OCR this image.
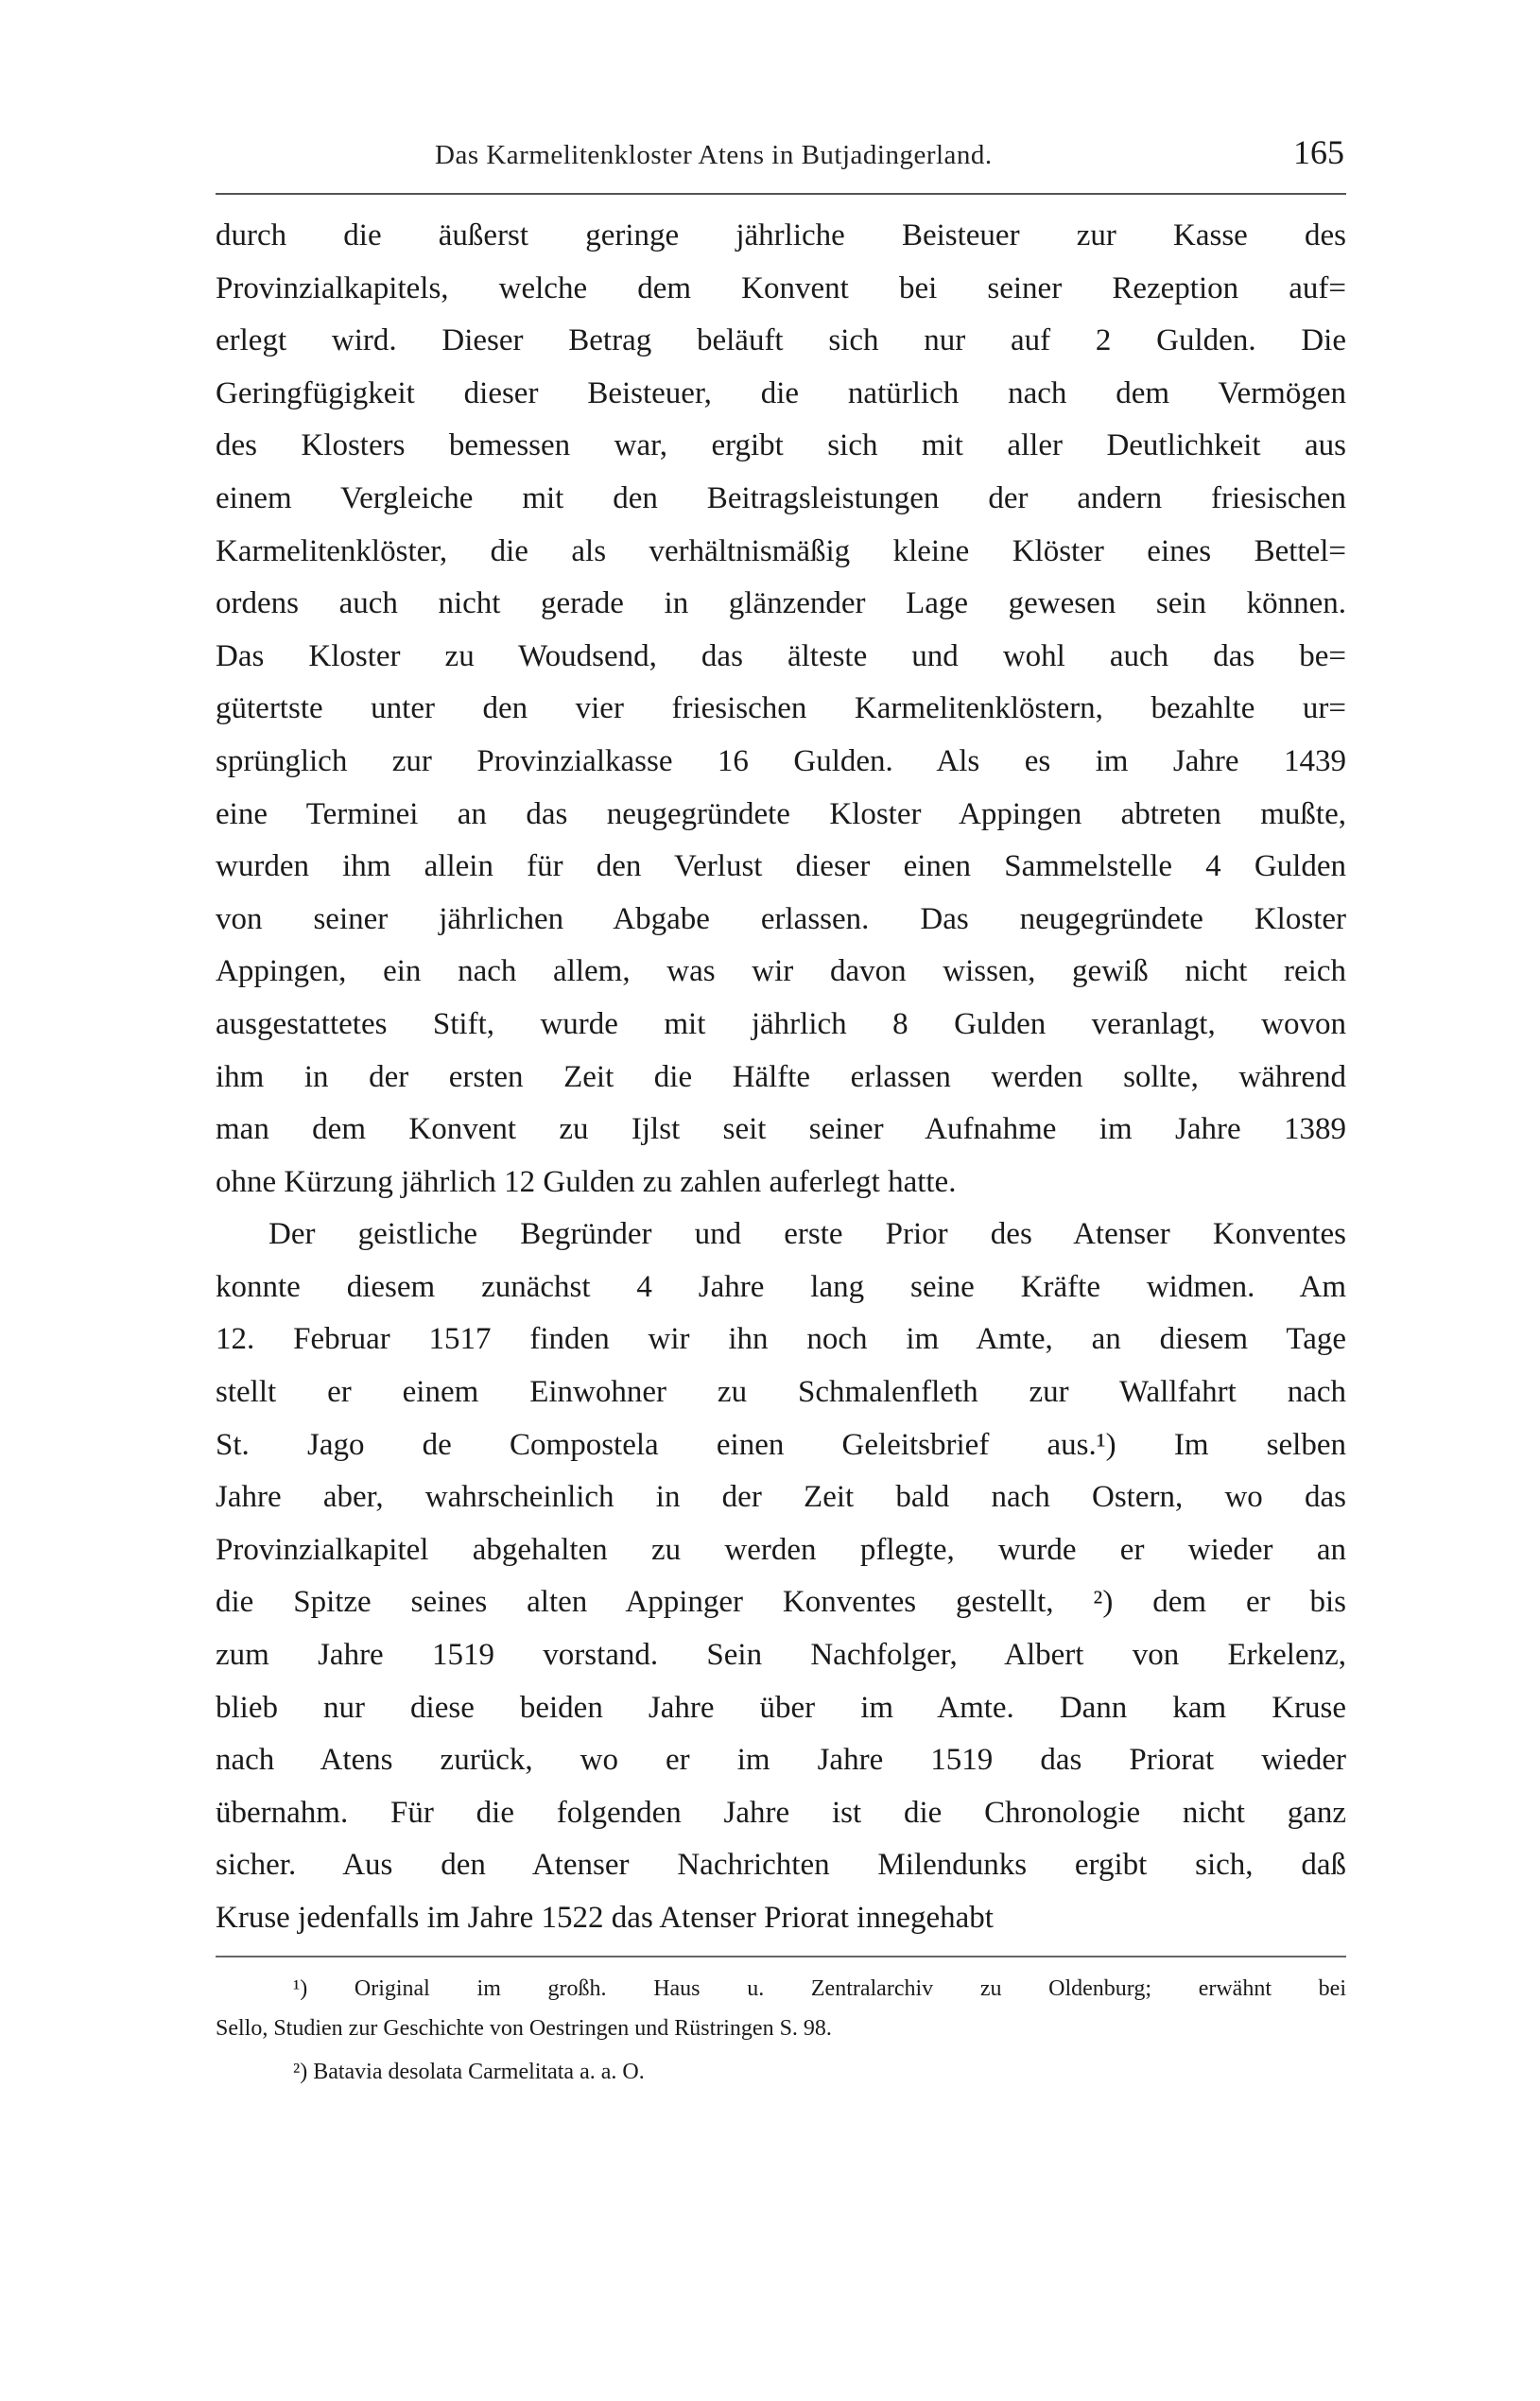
Das Karmelitenkloster Atens in Butjadingerland.	165
durch die äußerst geringe jährliche Beisteuer zur Kasse des
Provinzialkapitels, welche dem Konvent bei seiner Rezeption auf=
erlegt wird. Dieser Betrag beläuft sich nur auf 2 Gulden. Die
Geringfügigkeit dieser Beisteuer, die natürlich nach dem Vermögen
des Klosters bemessen war, ergibt sich mit aller Deutlichkeit aus
einem Vergleiche mit den Beitragsleistungen der andern friesischen
Karmelitenklöster, die als verhältnismäßig kleine Klöster eines Bettel=
ordens auch nicht gerade in glänzender Lage gewesen sein können.
Das Kloster zu Woudsend, das älteste und wohl auch das be=
gütertste unter den vier friesischen Karmelitenklöstern, bezahlte ur=
sprünglich zur Provinzialkasse 16 Gulden. Als es im Jahre 1439
eine Terminei an das neugegründete Kloster Appingen abtreten mußte,
wurden ihm allein für den Verlust dieser einen Sammelstelle 4 Gulden
von seiner jährlichen Abgabe erlassen. Das neugegründete Kloster
Appingen, ein nach allem, was wir davon wissen, gewiß nicht reich
ausgestattetes Stift, wurde mit jährlich 8 Gulden veranlagt, wovon
ihm in der ersten Zeit die Hälfte erlassen werden sollte, während
man dem Konvent zu Ijlst seit seiner Aufnahme im Jahre 1389
ohne Kürzung jährlich 12 Gulden zu zahlen auferlegt hatte.
Der geistliche Begründer und erste Prior des Atenser Konventes
konnte diesem zunächst 4 Jahre lang seine Kräfte widmen. Am
12. Februar 1517 finden wir ihn noch im Amte, an diesem Tage
stellt er einem Einwohner zu Schmalenfleth zur Wallfahrt nach
St. Jago de Compostela einen Geleitsbrief aus.¹) Im selben
Jahre aber, wahrscheinlich in der Zeit bald nach Ostern, wo das
Provinzialkapitel abgehalten zu werden pflegte, wurde er wieder an
die Spitze seines alten Appinger Konventes gestellt, ²) dem er bis
zum Jahre 1519 vorstand. Sein Nachfolger, Albert von Erkelenz,
blieb nur diese beiden Jahre über im Amte. Dann kam Kruse
nach Atens zurück, wo er im Jahre 1519 das Priorat wieder
übernahm. Für die folgenden Jahre ist die Chronologie nicht ganz
sicher. Aus den Atenser Nachrichten Milendunks ergibt sich, daß
Kruse jedenfalls im Jahre 1522 das Atenser Priorat innegehabt
¹) Original im großh. Haus u. Zentralarchiv zu Oldenburg; erwähnt bei
Sello, Studien zur Geschichte von Oestringen und Rüstringen S. 98.
²) Batavia desolata Carmelitata a. a. O.
